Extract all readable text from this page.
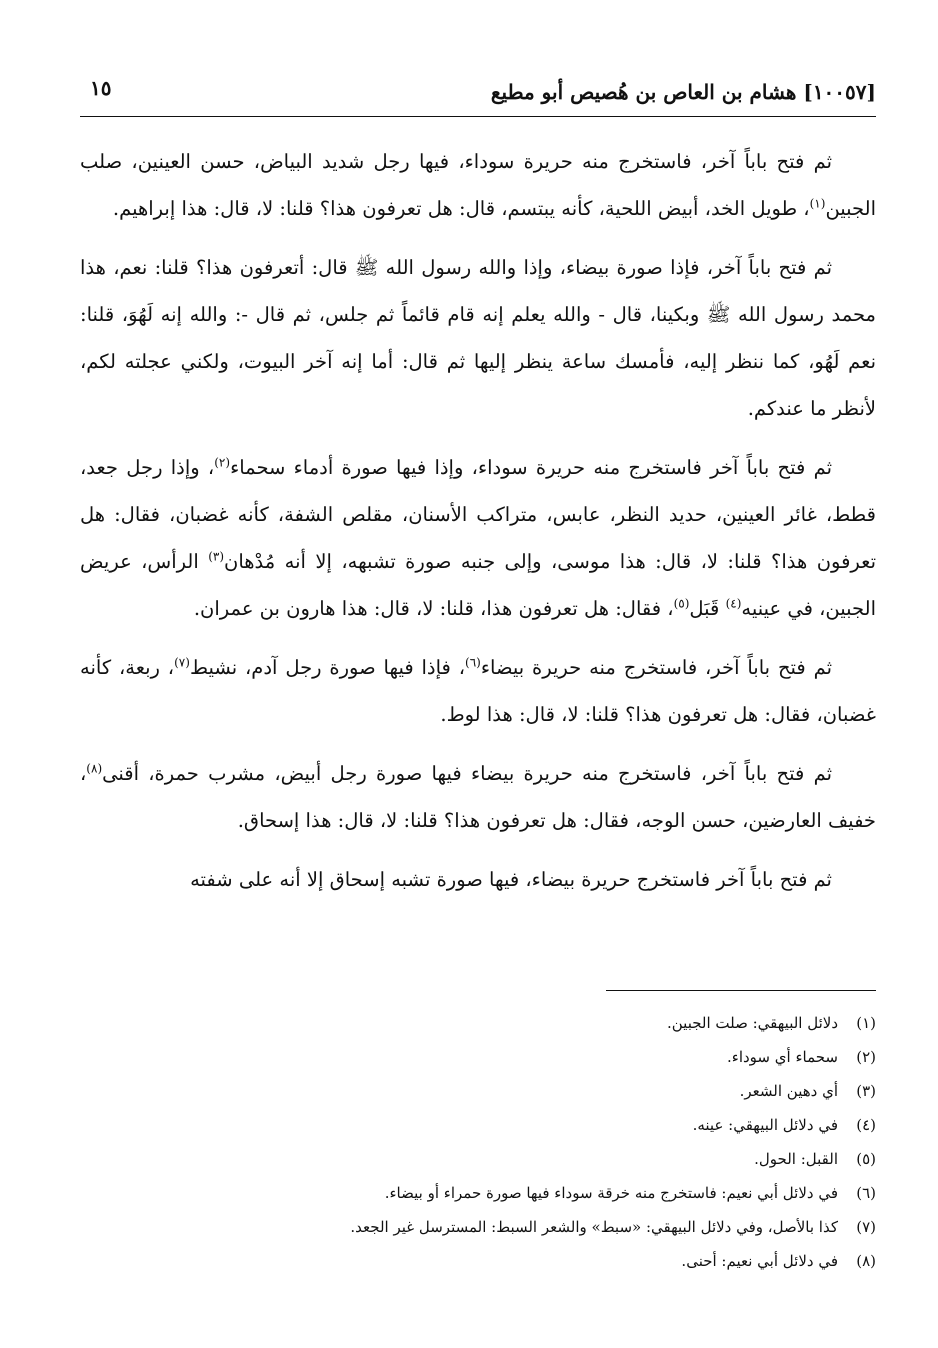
[١٠٠٥٧] هشام بن العاص بن هُصيص أبو مطيع
١٥

ثم فتح باباً آخر، فاستخرج منه حريرة سوداء، فيها رجل شديد البياض، حسن العينين، صلب الجبين$^{(١)}$، طويل الخد، أبيض اللحية، كأنه يبتسم، قال: هل تعرفون هذا؟ قلنا: لا، قال: هذا إبراهيم.

ثم فتح باباً آخر، فإذا صورة بيضاء، وإذا والله رسول الله ﷺ قال: أتعرفون هذا؟ قلنا: نعم، هذا محمد رسول الله ﷺ وبكينا، قال - والله يعلم إنه قام قائماً ثم جلس، ثم قال -: والله إنه لَهُوَ، قلنا: نعم لَهُو، كما ننظر إليه، فأمسك ساعة ينظر إليها ثم قال: أما إنه آخر البيوت، ولكني عجلته لكم، لأنظر ما عندكم.

ثم فتح باباً آخر فاستخرج منه حريرة سوداء، وإذا فيها صورة أدماء سحماء$^{(٢)}$، وإذا رجل جعد، قطط، غائر العينين، حديد النظر، عابس، متراكب الأسنان، مقلص الشفة، كأنه غضبان، فقال: هل تعرفون هذا؟ قلنا: لا، قال: هذا موسى، وإلى جنبه صورة تشبهه، إلا أنه مُدْهان$^{(٣)}$ الرأس، عريض الجبين، في عينيه$^{(٤)}$ قَبَل$^{(٥)}$، فقال: هل تعرفون هذا، قلنا: لا، قال: هذا هارون بن عمران.

ثم فتح باباً آخر، فاستخرج منه حريرة بيضاء$^{(٦)}$، فإذا فيها صورة رجل آدم، نشيط$^{(٧)}$، ربعة، كأنه غضبان، فقال: هل تعرفون هذا؟ قلنا: لا، قال: هذا لوط.

ثم فتح باباً آخر، فاستخرج منه حريرة بيضاء فيها صورة رجل أبيض، مشرب حمرة، أقنى$^{(٨)}$، خفيف العارضين، حسن الوجه، فقال: هل تعرفون هذا؟ قلنا: لا، قال: هذا إسحاق.

ثم فتح باباً آخر فاستخرج حريرة بيضاء، فيها صورة تشبه إسحاق إلا أنه على شفته

(١)
دلائل البيهقي: صلت الجبين.
(٢)
سحماء أي سوداء.
(٣)
أي دهين الشعر.
(٤)
في دلائل البيهقي: عينه.
(٥)
القبل: الحول.
(٦)
في دلائل أبي نعيم: فاستخرج منه خرقة سوداء فيها صورة حمراء أو بيضاء.
(٧)
كذا بالأصل، وفي دلائل البيهقي: «سبط» والشعر السبط: المسترسل غير الجعد.
(٨)
في دلائل أبي نعيم: أحنى.
